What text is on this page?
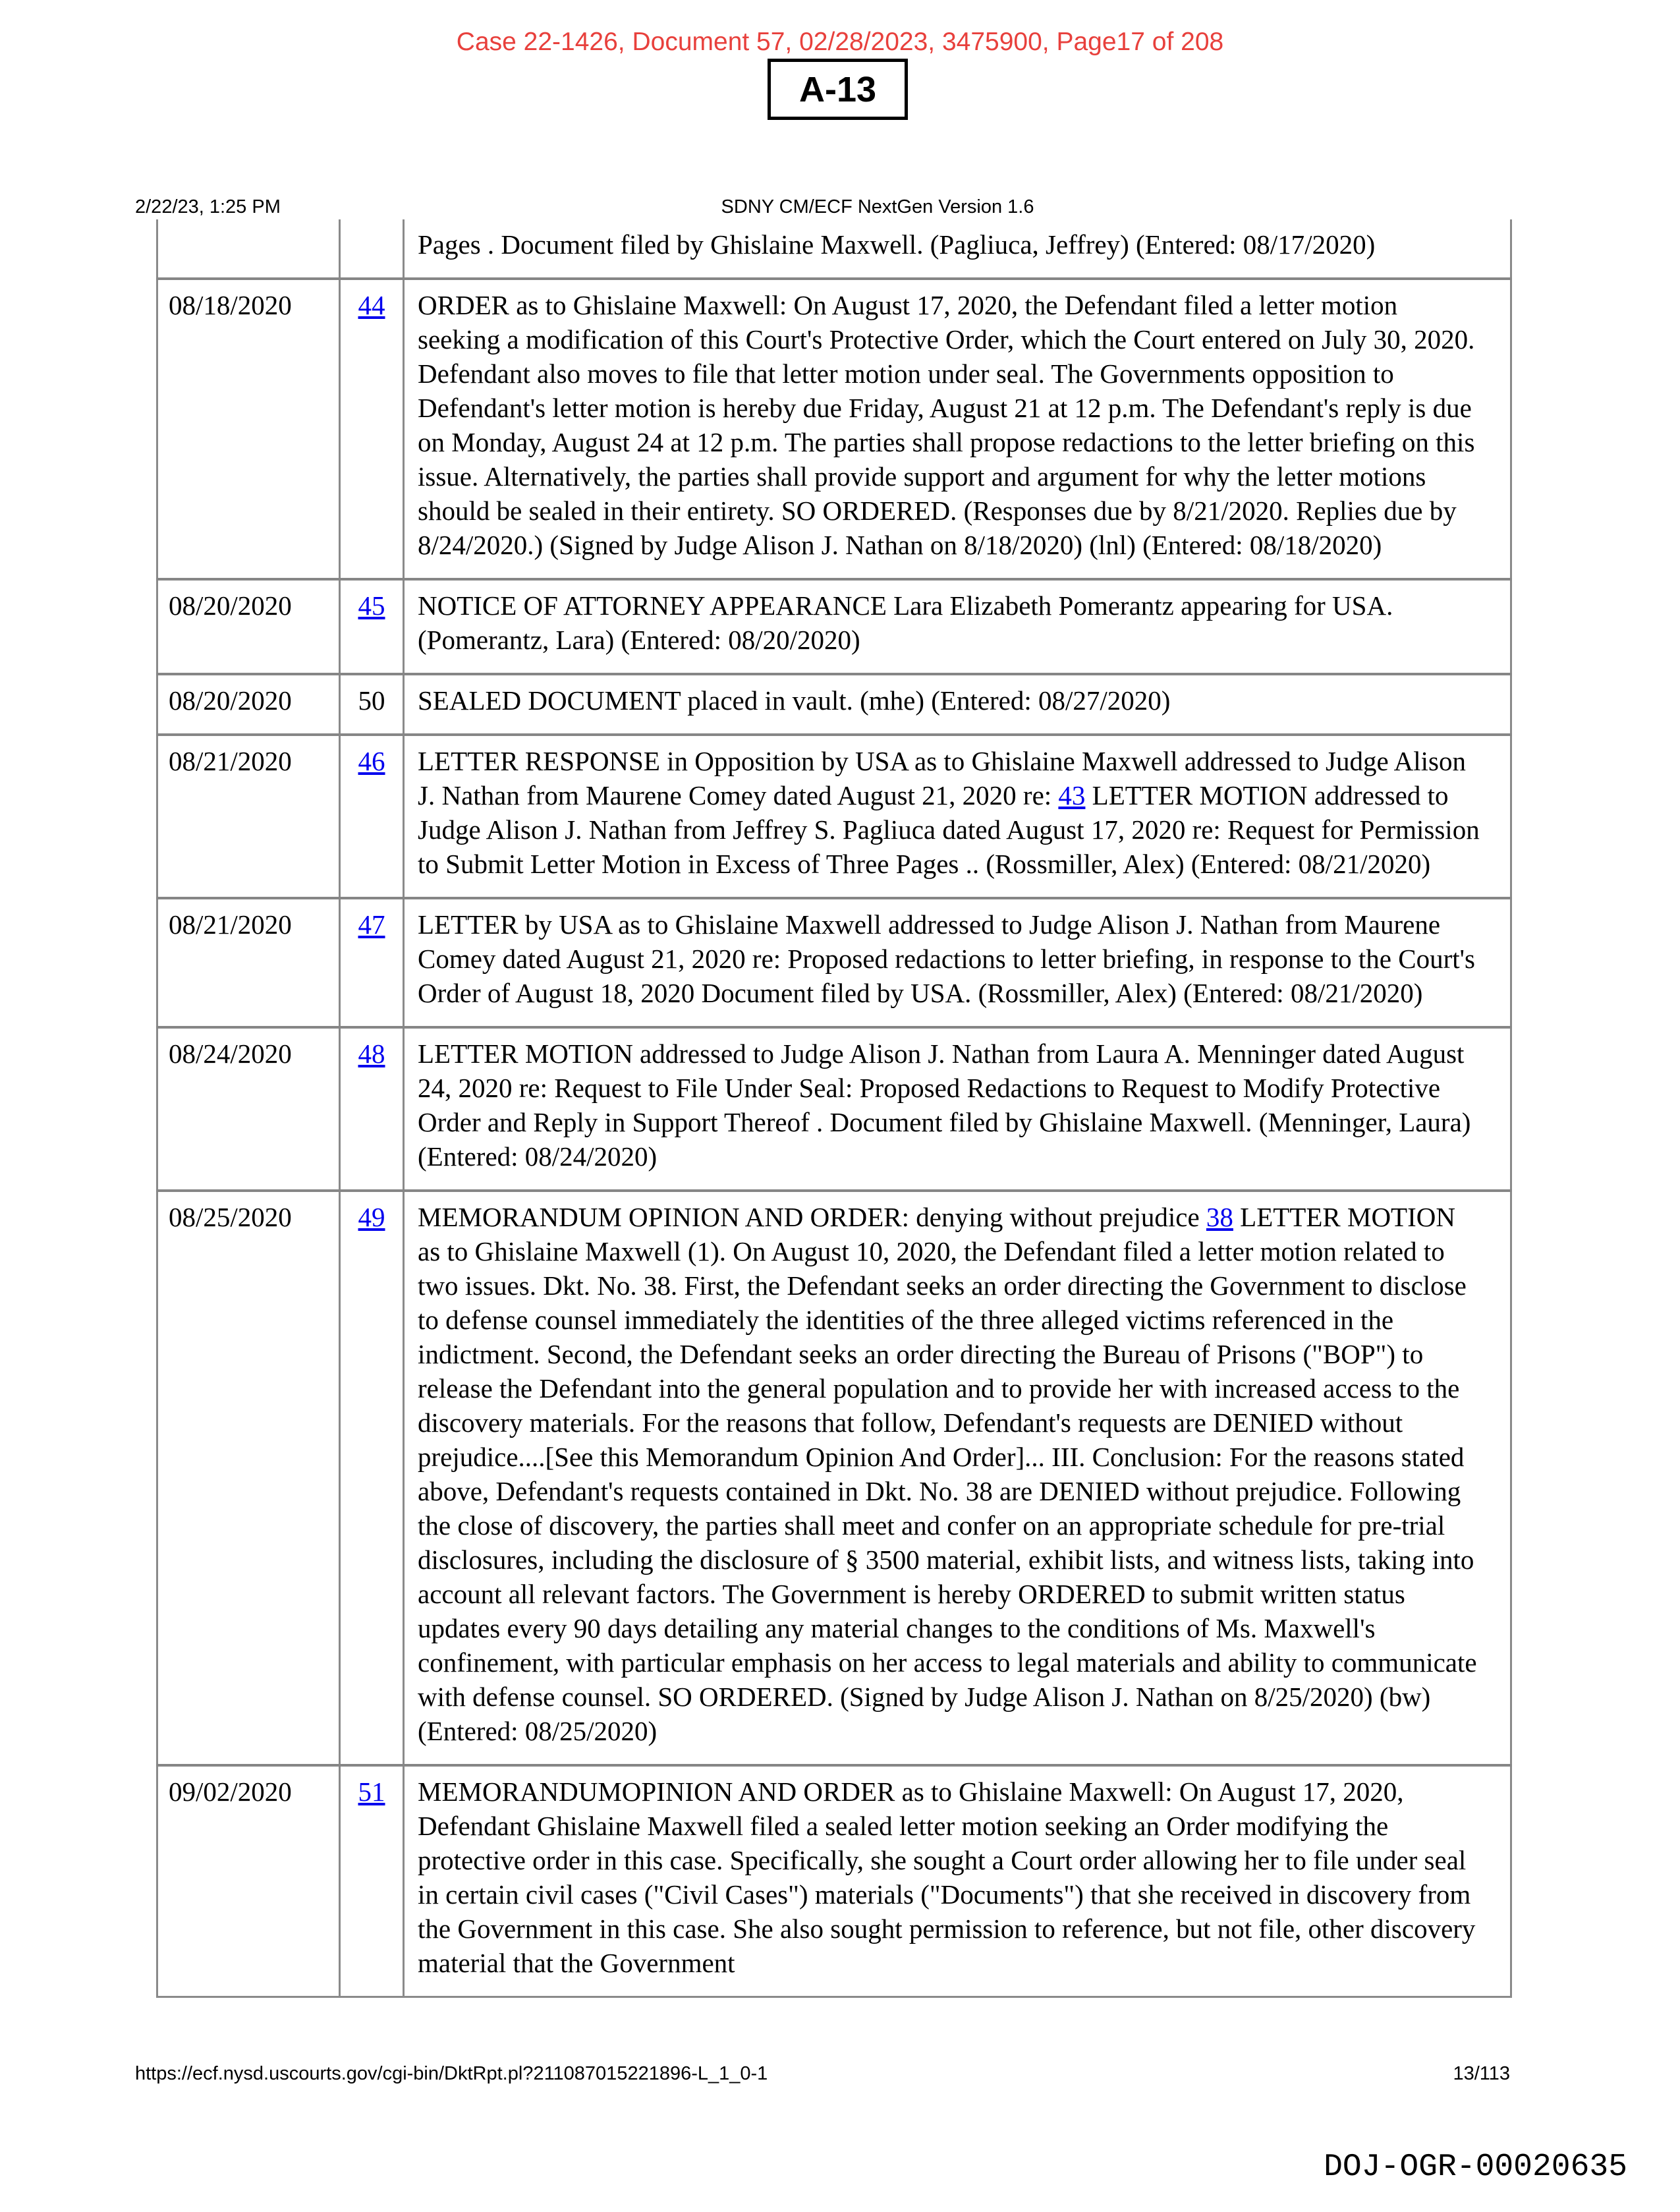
Case 22-1426, Document 57, 02/28/2023, 3475900, Page17 of 208
A-13
2/22/23, 1:25 PM	SDNY CM/ECF NextGen Version 1.6
		Pages . Document filed by Ghislaine Maxwell. (Pagliuca, Jeffrey) (Entered: 08/17/2020)
08/18/2020	44	ORDER as to Ghislaine Maxwell: On August 17, 2020, the Defendant filed a letter motion seeking a modification of this Court's Protective Order, which the Court entered on July 30, 2020. Defendant also moves to file that letter motion under seal. The Governments opposition to Defendant's letter motion is hereby due Friday, August 21 at 12 p.m. The Defendant's reply is due on Monday, August 24 at 12 p.m. The parties shall propose redactions to the letter briefing on this issue. Alternatively, the parties shall provide support and argument for why the letter motions should be sealed in their entirety. SO ORDERED. (Responses due by 8/21/2020. Replies due by 8/24/2020.) (Signed by Judge Alison J. Nathan on 8/18/2020) (lnl) (Entered: 08/18/2020)
08/20/2020	45	NOTICE OF ATTORNEY APPEARANCE Lara Elizabeth Pomerantz appearing for USA. (Pomerantz, Lara) (Entered: 08/20/2020)
08/20/2020	50	SEALED DOCUMENT placed in vault. (mhe) (Entered: 08/27/2020)
08/21/2020	46	LETTER RESPONSE in Opposition by USA as to Ghislaine Maxwell addressed to Judge Alison J. Nathan from Maurene Comey dated August 21, 2020 re: 43 LETTER MOTION addressed to Judge Alison J. Nathan from Jeffrey S. Pagliuca dated August 17, 2020 re: Request for Permission to Submit Letter Motion in Excess of Three Pages .. (Rossmiller, Alex) (Entered: 08/21/2020)
08/21/2020	47	LETTER by USA as to Ghislaine Maxwell addressed to Judge Alison J. Nathan from Maurene Comey dated August 21, 2020 re: Proposed redactions to letter briefing, in response to the Court's Order of August 18, 2020 Document filed by USA. (Rossmiller, Alex) (Entered: 08/21/2020)
08/24/2020	48	LETTER MOTION addressed to Judge Alison J. Nathan from Laura A. Menninger dated August 24, 2020 re: Request to File Under Seal: Proposed Redactions to Request to Modify Protective Order and Reply in Support Thereof . Document filed by Ghislaine Maxwell. (Menninger, Laura) (Entered: 08/24/2020)
08/25/2020	49	MEMORANDUM OPINION AND ORDER: denying without prejudice 38 LETTER MOTION as to Ghislaine Maxwell (1). On August 10, 2020, the Defendant filed a letter motion related to two issues. Dkt. No. 38. First, the Defendant seeks an order directing the Government to disclose to defense counsel immediately the identities of the three alleged victims referenced in the indictment. Second, the Defendant seeks an order directing the Bureau of Prisons ("BOP") to release the Defendant into the general population and to provide her with increased access to the discovery materials. For the reasons that follow, Defendant's requests are DENIED without prejudice....[See this Memorandum Opinion And Order]... III. Conclusion: For the reasons stated above, Defendant's requests contained in Dkt. No. 38 are DENIED without prejudice. Following the close of discovery, the parties shall meet and confer on an appropriate schedule for pre-trial disclosures, including the disclosure of § 3500 material, exhibit lists, and witness lists, taking into account all relevant factors. The Government is hereby ORDERED to submit written status updates every 90 days detailing any material changes to the conditions of Ms. Maxwell's confinement, with particular emphasis on her access to legal materials and ability to communicate with defense counsel. SO ORDERED. (Signed by Judge Alison J. Nathan on 8/25/2020) (bw) (Entered: 08/25/2020)
09/02/2020	51	MEMORANDUMOPINION AND ORDER as to Ghislaine Maxwell: On August 17, 2020, Defendant Ghislaine Maxwell filed a sealed letter motion seeking an Order modifying the protective order in this case. Specifically, she sought a Court order allowing her to file under seal in certain civil cases ("Civil Cases") materials ("Documents") that she received in discovery from the Government in this case. She also sought permission to reference, but not file, other discovery material that the Government
https://ecf.nysd.uscourts.gov/cgi-bin/DktRpt.pl?211087015221896-L_1_0-1	13/113
DOJ-OGR-00020635
